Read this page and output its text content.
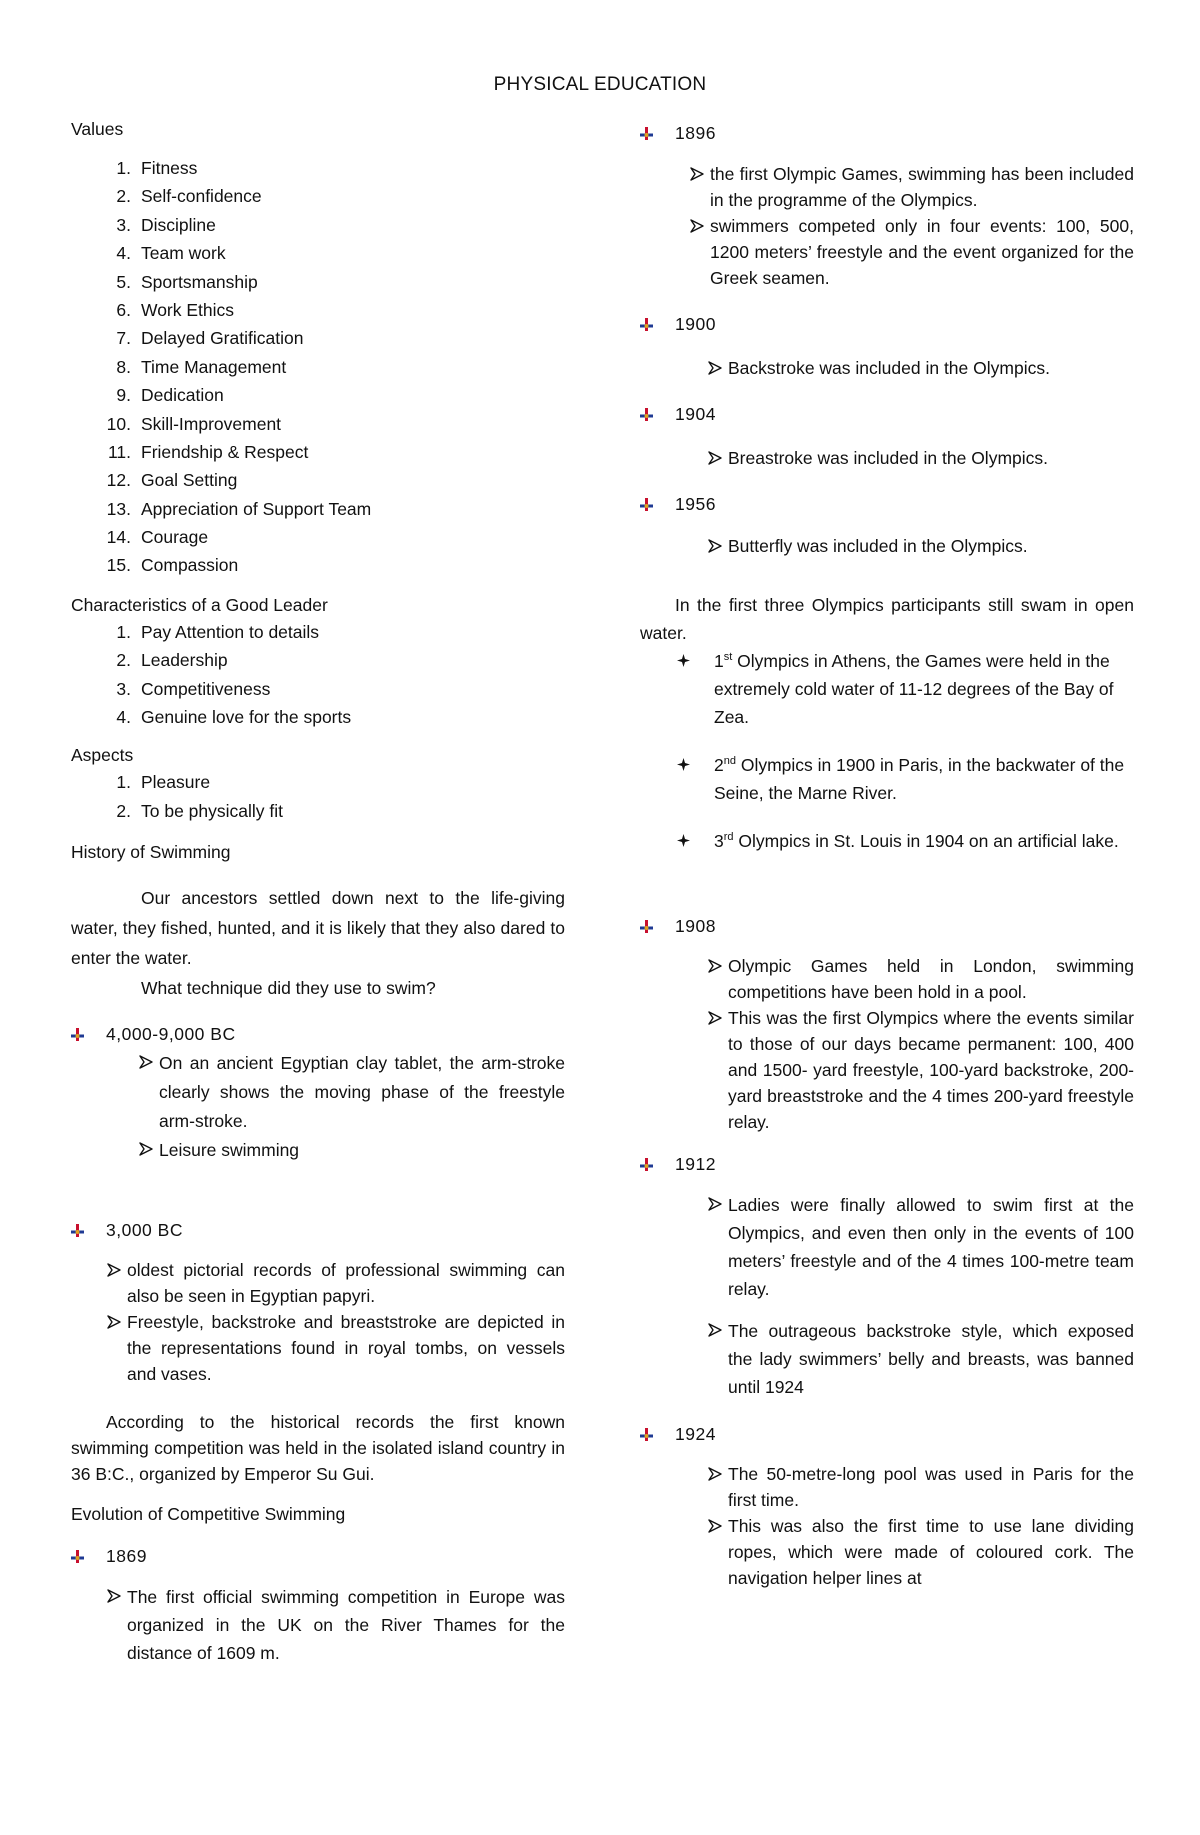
PHYSICAL EDUCATION
Values
1. Fitness
2. Self-confidence
3. Discipline
4. Team work
5. Sportsmanship
6. Work Ethics
7. Delayed Gratification
8. Time Management
9. Dedication
10. Skill-Improvement
11. Friendship & Respect
12. Goal Setting
13. Appreciation of Support Team
14. Courage
15. Compassion
Characteristics of a Good Leader
1. Pay Attention to details
2. Leadership
3. Competitiveness
4. Genuine love for the sports
Aspects
1. Pleasure
2. To be physically fit
History of Swimming

Our ancestors settled down next to the life-giving water, they fished, hunted, and it is likely that they also dared to enter the water.

What technique did they use to swim?

4,000-9,000 BC
On an ancient Egyptian clay tablet, the arm-stroke clearly shows the moving phase of the freestyle arm-stroke.
Leisure swimming
3,000 BC
oldest pictorial records of professional swimming can also be seen in Egyptian papyri.
Freestyle, backstroke and breaststroke are depicted in the representations found in royal tombs, on vessels and vases.

According to the historical records the first known swimming competition was held in the isolated island country in 36 B:C., organized by Emperor Su Gui.

Evolution of Competitive Swimming
1869
The first official swimming competition in Europe was organized in the UK on the River Thames for the distance of 1609 m.
1896
the first Olympic Games, swimming has been included in the programme of the Olympics.
swimmers competed only in four events: 100, 500, 1200 meters’ freestyle and the event organized for the Greek seamen.
1900
Backstroke was included in the Olympics.
1904
Breastroke was included in the Olympics.
1956
Butterfly was included in the Olympics.

In the first three Olympics participants still swam in open water.

1st Olympics in Athens, the Games were held in the extremely cold water of 11-12 degrees of the Bay of Zea.
2nd Olympics in 1900 in Paris, in the backwater of the Seine, the Marne River.
3rd Olympics in St. Louis in 1904 on an artificial lake.
1908
Olympic Games held in London, swimming competitions have been hold in a pool.
This was the first Olympics where the events similar to those of our days became permanent: 100, 400 and 1500- yard freestyle, 100-yard backstroke, 200-yard breaststroke and the 4 times 200-yard freestyle relay.
1912
Ladies were finally allowed to swim first at the Olympics, and even then only in the events of 100 meters’ freestyle and of the 4 times 100-metre team relay.
The outrageous backstroke style, which exposed the lady swimmers’ belly and breasts, was banned until 1924
1924
The 50-metre-long pool was used in Paris for the first time.
This was also the first time to use lane dividing ropes, which were made of coloured cork. The navigation helper lines at
